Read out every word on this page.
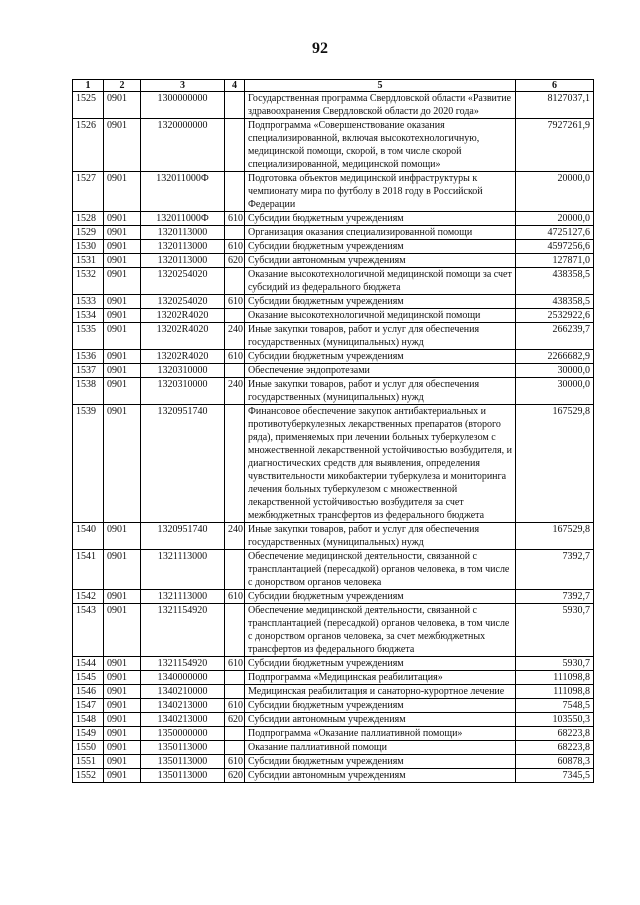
92
1	2	3	4	5	6
1525	0901	1300000000		Государственная программа Свердловской области «Развитие здравоохранения Свердловской области до 2020 года»	8127037,1
1526	0901	1320000000		Подпрограмма «Совершенствование оказания специализированной, включая высокотехнологичную, медицинской помощи, скорой, в том числе скорой специализированной, медицинской помощи»	7927261,9
1527	0901	132011000Ф		Подготовка объектов медицинской инфраструктуры к чемпионату мира по футболу в 2018 году в Российской Федерации	20000,0
1528	0901	132011000Ф	610	Субсидии бюджетным учреждениям	20000,0
1529	0901	1320113000		Организация оказания специализированной помощи	4725127,6
1530	0901	1320113000	610	Субсидии бюджетным учреждениям	4597256,6
1531	0901	1320113000	620	Субсидии автономным учреждениям	127871,0
1532	0901	1320254020		Оказание высокотехнологичной медицинской помощи за счет субсидий из федерального бюджета	438358,5
1533	0901	1320254020	610	Субсидии бюджетным учреждениям	438358,5
1534	0901	13202R4020		Оказание высокотехнологичной медицинской помощи	2532922,6
1535	0901	13202R4020	240	Иные закупки товаров, работ и услуг для обеспечения государственных (муниципальных) нужд	266239,7
1536	0901	13202R4020	610	Субсидии бюджетным учреждениям	2266682,9
1537	0901	1320310000		Обеспечение эндопротезами	30000,0
1538	0901	1320310000	240	Иные закупки товаров, работ и услуг для обеспечения государственных (муниципальных) нужд	30000,0
1539	0901	1320951740		Финансовое обеспечение закупок антибактериальных и противотуберкулезных лекарственных препаратов (второго ряда), применяемых при лечении больных туберкулезом с множественной лекарственной устойчивостью возбудителя, и диагностических средств для выявления, определения чувствительности микобактерии туберкулеза и мониторинга лечения больных туберкулезом с множественной лекарственной устойчивостью возбудителя за счет межбюджетных трансфертов из федерального бюджета	167529,8
1540	0901	1320951740	240	Иные закупки товаров, работ и услуг для обеспечения государственных (муниципальных) нужд	167529,8
1541	0901	1321113000		Обеспечение медицинской деятельности, связанной с трансплантацией (пересадкой) органов человека, в том числе с донорством органов человека	7392,7
1542	0901	1321113000	610	Субсидии бюджетным учреждениям	7392,7
1543	0901	1321154920		Обеспечение медицинской деятельности, связанной с трансплантацией (пересадкой) органов человека, в том числе с донорством органов человека, за счет межбюджетных трансфертов из федерального бюджета	5930,7
1544	0901	1321154920	610	Субсидии бюджетным учреждениям	5930,7
1545	0901	1340000000		Подпрограмма «Медицинская реабилитация»	111098,8
1546	0901	1340210000		Медицинская реабилитация и санаторно-курортное лечение	111098,8
1547	0901	1340213000	610	Субсидии бюджетным учреждениям	7548,5
1548	0901	1340213000	620	Субсидии автономным учреждениям	103550,3
1549	0901	1350000000		Подпрограмма «Оказание паллиативной помощи»	68223,8
1550	0901	1350113000		Оказание паллиативной помощи	68223,8
1551	0901	1350113000	610	Субсидии бюджетным учреждениям	60878,3
1552	0901	1350113000	620	Субсидии автономным учреждениям	7345,5
